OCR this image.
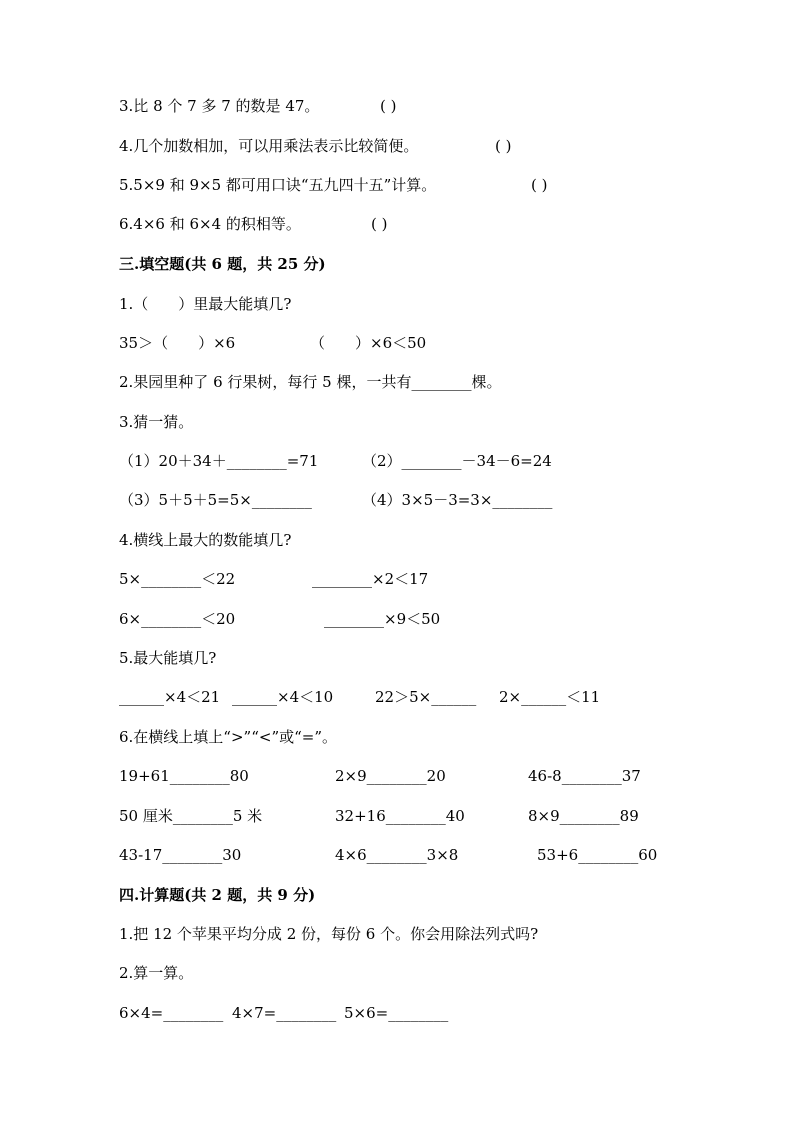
3.比 8 个 7 多 7 的数是 47。	( )
4.几个加数相加，可以用乘法表示比较简便。	( )
5.5×9 和 9×5 都可用口诀“五九四十五”计算。	( )
6.4×6 和 6×4 的积相等。	( )
三.填空题(共 6 题，共 25 分)
1.（　　）里最大能填几?
35＞（　　）×6	（　　）×6＜50
2.果园里种了 6 行果树，每行 5 棵，一共有________棵。
3.猜一猜。
（1）20＋34＋________=71	（2）________－34－6=24
（3）5＋5＋5=5×________	（4）3×5－3=3×________
4.横线上最大的数能填几?
5×________＜22	________×2＜17
6×________＜20	________×9＜50
5.最大能填几?
______×4＜21 ______×4＜10	22＞5×______ 2×______＜11
6.在横线上填上“>”“<”或“=”。
19+61________80	2×9________20	46-8________37
50 厘米________5 米	32+16________40	8×9________89
43-17________30	4×6________3×8	53+6________60
四.计算题(共 2 题，共 9 分)
1.把 12 个苹果平均分成 2 份，每份 6 个。你会用除法列式吗?
2.算一算。
6×4=________ 4×7=________ 5×6=________
